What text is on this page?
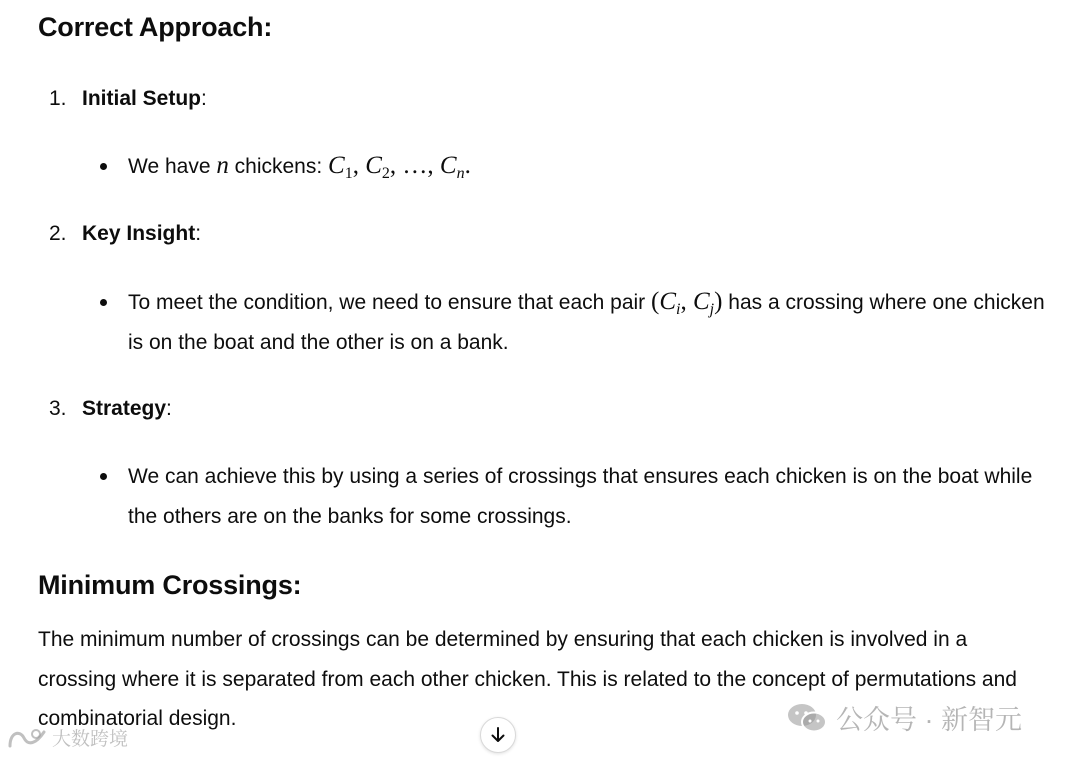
Correct Approach:
1. Initial Setup:
We have n chickens: $C_1$, $C_2$, …, $C_n$.
2. Key Insight:
To meet the condition, we need to ensure that each pair ($C_i$, $C_j$) has a crossing where one chicken is on the boat and the other is on a bank.
3. Strategy:
We can achieve this by using a series of crossings that ensures each chicken is on the boat while the others are on the banks for some crossings.
Minimum Crossings:
The minimum number of crossings can be determined by ensuring that each chicken is involved in a crossing where it is separated from each other chicken. This is related to the concept of permutations and combinatorial design.	公众号 · 新智元
大数跨境
